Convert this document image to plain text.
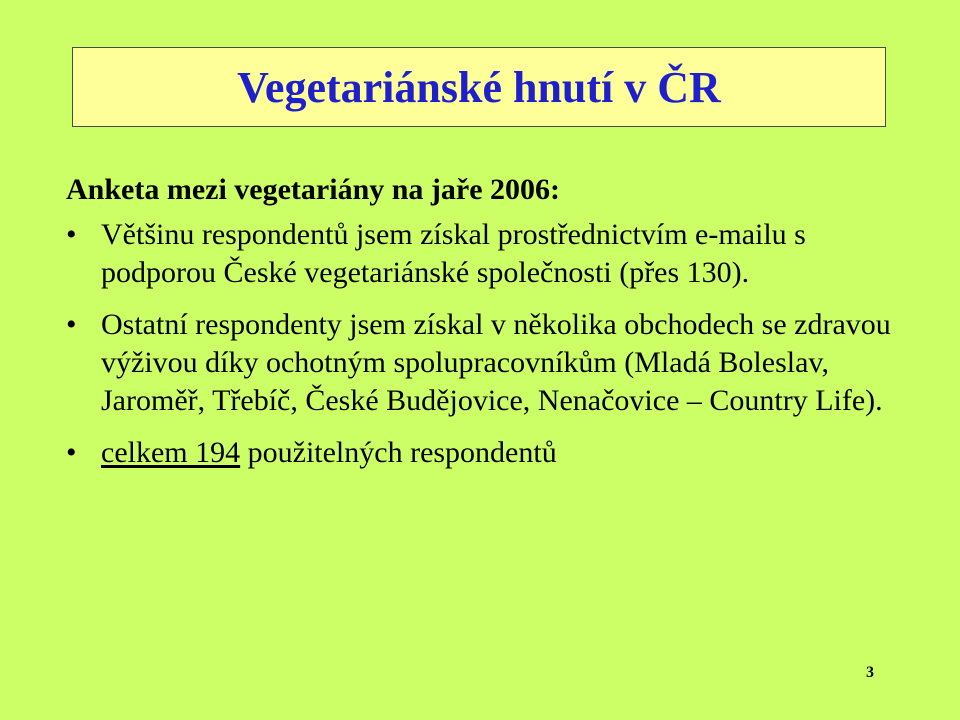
Vegetariánské hnutí v ČR
Anketa mezi vegetariány na jaře 2006:
• Většinu respondentů jsem získal prostřednictvím e-mailu s podporou České vegetariánské společnosti (přes 130).
• Ostatní respondenty jsem získal v několika obchodech se zdravou výživou díky ochotným spolupracovníkům (Mladá Boleslav, Jaroměř, Třebíč, České Budějovice, Nenačovice – Country Life).
• celkem 194 použitelných respondentů
3
